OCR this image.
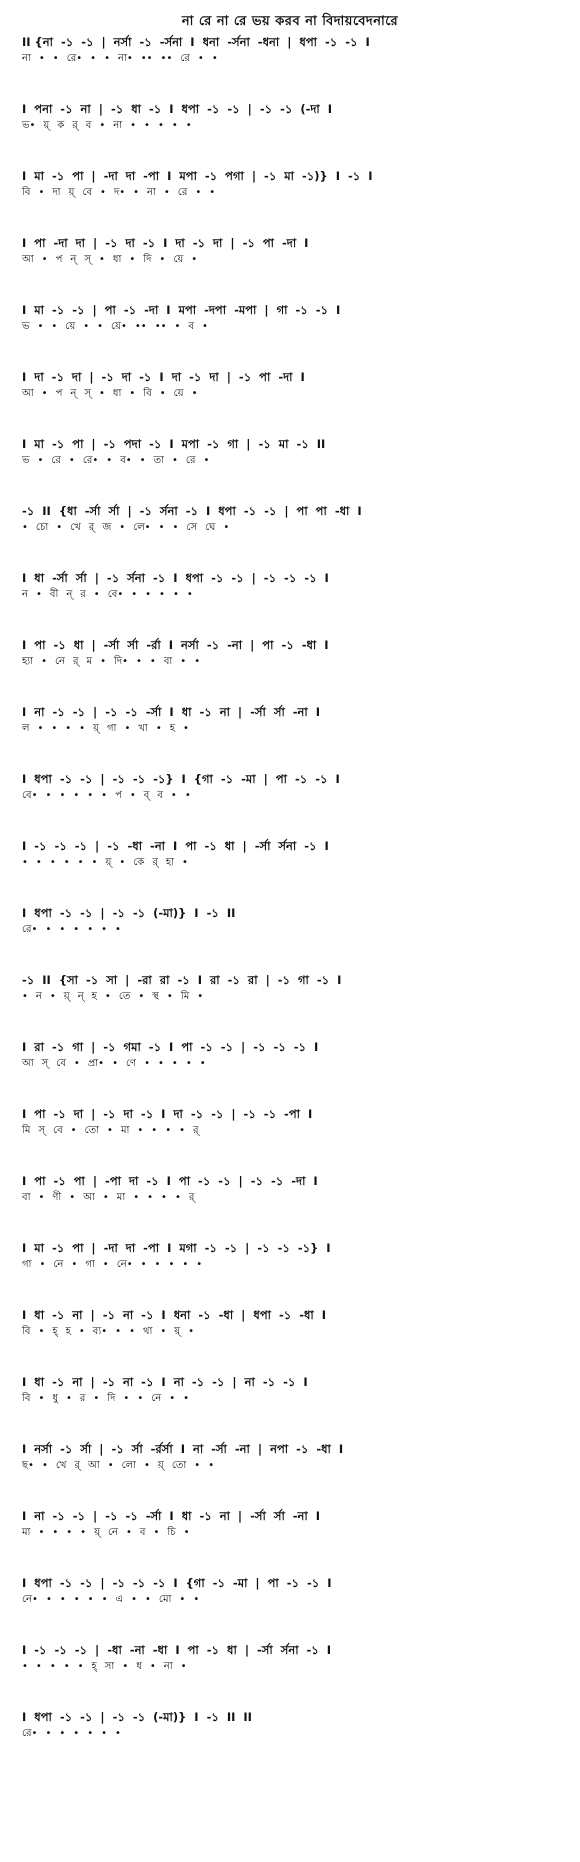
না রে না রে ভয় করব না বিদায়বেদনারে
II {না -১ -১ | নর্সা -১ -র্সনা I ধনা -র্সনা -ধনা | ধপা -১ -১ I
না • • রে• • • না• •• •• রে • •
I পনা -১ না | -১ ধা -১ I ধপা -১ -১ | -১ -১ (-দা I
ভ• য়্ ক র্ ব • না • • • • •
I মা -১ পা | -দা দা -পা I মপা -১ পগা | -১ মা -১)} I -১ I
বি • দা য়্ বে • দ• • না • রে • •
I পা -দা দা | -১ দা -১ I দা -১ দা | -১ পা -দা I
আ • প ন্ স্ • ধা • দি • য়ে •
I মা -১ -১ | পা -১ -দা I মপা -দপা -মপা | গা -১ -১ I
ভ • • য়ে • • য়ে• •• •• • ব •
I দা -১ দা | -১ দা -১ I দা -১ দা | -১ পা -দা I
আ • প ন্ স্ • ধা • বি • য়ে •
I মা -১ পা | -১ পদা -১ I মপা -১ গা | -১ মা -১ II
ভ • রে • রে• • ব• • তা • রে •
-১ II {ধা -র্সা র্সা | -১ র্সনা -১ I ধপা -১ -১ | পা পা -ধা I
• চো • খে র্ জ • লে• • • সে ঘে •
I ধা -র্সা র্সা | -১ র্সনা -১ I ধপা -১ -১ | -১ -১ -১ I
ন • বী ন্ র • বে• • • • • •
I পা -১ ধা | -র্সা র্সা -র্রা I নর্সা -১ -না | পা -১ -ধা I
হ্যা • নে র্ ম • দি• • • বা • •
I না -১ -১ | -১ -১ -র্সা I ধা -১ না | -র্সা র্সা -না I
ল • • • • য়্ গা • খা • হ •
I ধপা -১ -১ | -১ -১ -১} I {গা -১ -মা | পা -১ -১ I
বে• • • • • • প • ব্ ব • •
I -১ -১ -১ | -১ -ধা -না I পা -১ ধা | -র্সা র্সনা -১ I
• • • • • • য়্ • কে র্ হা •
I ধপা -১ -১ | -১ -১ (-মা)} I -১ II
রে• • • • • • •
-১ II {সা -১ সা | -রা রা -১ I রা -১ রা | -১ গা -১ I
• ন • য়্ ন্ হ • তে • স্থ • মি •
I রা -১ গা | -১ গমা -১ I পা -১ -১ | -১ -১ -১ I
আ স্ বে • প্রা• • ণে • • • • •
I পা -১ দা | -১ দা -১ I দা -১ -১ | -১ -১ -পা I
মি স্ বে • তো • মা • • • • র্
I পা -১ পা | -পা দা -১ I পা -১ -১ | -১ -১ -দা I
বা • ণী • আ • মা • • • • র্
I মা -১ পা | -দা দা -পা I মগা -১ -১ | -১ -১ -১} I
গা • নে • গা • নে• • • • • •
I ধা -১ না | -১ না -১ I ধনা -১ -ধা | ধপা -১ -ধা I
বি • হ্ হ • ব্য• • • থা • য়্ •
I ধা -১ না | -১ না -১ I না -১ -১ | না -১ -১ I
বি • ধু • র • দি • • নে • •
I নর্সা -১ র্সা | -১ র্সা -র্রর্সা I না -র্সা -না | নপা -১ -ধা I
ছ• • খে র্ আ • লো • য়্ তো • •
I না -১ -১ | -১ -১ -র্সা I ধা -১ না | -র্সা র্সা -না I
মা • • • • য়্ নে • ব • চি •
I ধপা -১ -১ | -১ -১ -১ I {গা -১ -মা | পা -১ -১ I
নে• • • • • • এ • • মো • •
I -১ -১ -১ | -ধা -না -ধা I পা -১ ধা | -র্সা র্সনা -১ I
• • • • • হ্ সা • ধ • না •
I ধপা -১ -১ | -১ -১ (-মা)} I -১ II II
রে• • • • • • •
